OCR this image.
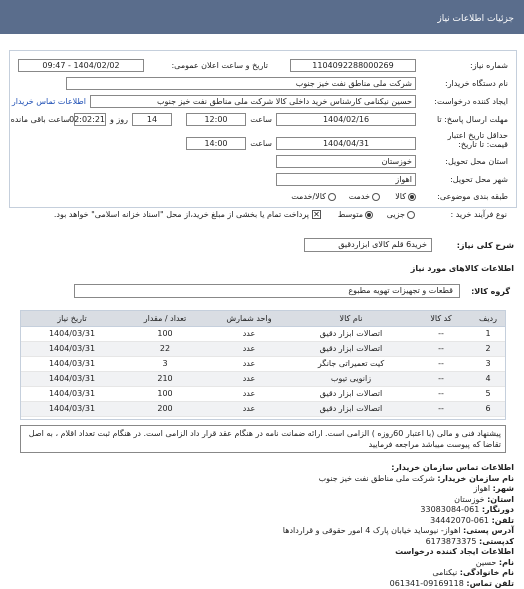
جزئیات اطلاعات نیاز
شماره نیاز:
1104092288000269
تاریخ و ساعت اعلان عمومی:
1404/02/02 - 09:47
نام دستگاه خریدار:
شرکت ملی مناطق نفت خیز جنوب
ایجاد کننده درخواست:
حسین نیکنامی کارشناس خرید داخلی کالا شرکت ملی مناطق نفت خیز جنوب
اطلاعات تماس خریدار
مهلت ارسال پاسخ: تا
1404/02/16
ساعت
12:00
14
روز و
02:02:21
ساعت باقی مانده
حداقل تاریخ اعتبار
قیمت: تا تاریخ:
1404/04/31
ساعت
14:00
استان محل تحویل:
خوزستان
شهر محل تحویل:
اهواز
طبقه بندی موضوعی:
کالا
خدمت
کالا/خدمت
نوع فرآیند خرید :
جزیی
متوسط
✕پرداخت تمام یا بخشی از مبلغ خرید،از محل "اسناد خزانه اسلامی" خواهد بود.
شرح کلی نیاز:
خرید6 قلم کالای ابزاردقیق
اطلاعات کالاهای مورد نیاز
گروه کالا:
قطعات و تجهیزات تهویه مطبوع
ردیف	کد کالا	نام کالا	واحد شمارش	تعداد / مقدار	تاریخ نیاز
1	--	اتصالات ابزار دقیق	عدد	100	1404/03/31
2	--	اتصالات ابزار دقیق	عدد	22	1404/03/31
3	--	کیت تعمیراتی جانگر	عدد	3	1404/03/31
4	--	زانویی تیوب	عدد	210	1404/03/31
5	--	اتصالات ابزار دقیق	عدد	100	1404/03/31
6	--	اتصالات ابزار دقیق	عدد	200	1404/03/31
پیشنهاد فنی و مالی (با اعتبار 60روزه ) الزامی است. ارائه ضمانت نامه در هنگام عقد قرار داد الزامی است. در هنگام ثبت تعداد اقلام ، به اصل تقاضا که پیوست میباشد مراجعه فرمایید
اطلاعات تماس سازمان خریدار:
نام سازمان خریدار: شرکت ملی مناطق نفت خیز جنوب
شهر: اهواز
استان: خوزستان
دورنگار: 061-33083084
تلفن: 061-34442070
آدرس پستی: اهواز- نیوساید خیابان پارک 4 امور حقوقی و قراردادها
کدپستی: 6173873375
اطلاعات ایجاد کننده درخواست
نام: حسین
نام خانوادگی: نیکنامی
تلفن تماس: 09169118-061341
